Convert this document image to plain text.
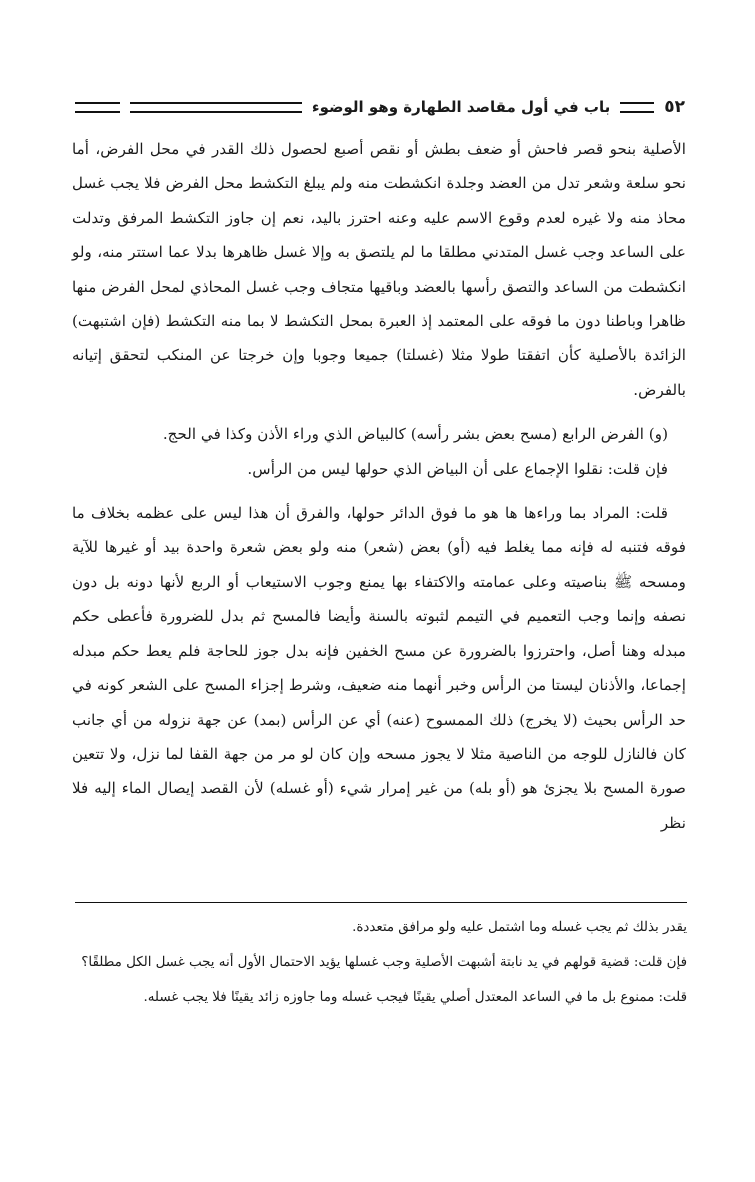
٥٢
باب في أول مقاصد الطهارة وهو الوضوء

الأصلية بنحو قصر فاحش أو ضعف بطش أو نقص أصبع لحصول ذلك القدر في محل الفرض، أما نحو سلعة وشعر تدل من العضد وجلدة انكشطت منه ولم يبلغ التكشط محل الفرض فلا يجب غسل محاذ منه ولا غيره لعدم وقوع الاسم عليه وعنه احترز باليد، نعم إن جاوز التكشط المرفق وتدلت على الساعد وجب غسل المتدني مطلقا ما لم يلتصق به وإلا غسل ظاهرها بدلا عما استتر منه، ولو انكشطت من الساعد والتصق رأسها بالعضد وباقيها متجاف وجب غسل المحاذي لمحل الفرض منها ظاهرا وباطنا دون ما فوقه على المعتمد إذ العبرة بمحل التكشط لا بما منه التكشط (فإن اشتبهت) الزائدة بالأصلية كأن اتفقتا طولا مثلا (غسلتا) جميعا وجوبا وإن خرجتا عن المنكب لتحقق إتيانه بالفرض.

(و) الفرض الرابع (مسح بعض بشر رأسه) كالبياض الذي وراء الأذن وكذا في الحج.

فإن قلت: نقلوا الإجماع على أن البياض الذي حولها ليس من الرأس.

قلت: المراد بما وراءها ها هو ما فوق الدائر حولها، والفرق أن هذا ليس على عظمه بخلاف ما فوقه فتنبه له فإنه مما يغلط فيه (أو) بعض (شعر) منه ولو بعض شعرة واحدة بيد أو غيرها للآية ومسحه ﷺ بناصيته وعلى عمامته والاكتفاء بها يمنع وجوب الاستيعاب أو الربع لأنها دونه بل دون نصفه وإنما وجب التعميم في التيمم لثبوته بالسنة وأيضا فالمسح ثم بدل للضرورة فأعطى حكم مبدله وهنا أصل، واحترزوا بالضرورة عن مسح الخفين فإنه بدل جوز للحاجة فلم يعط حكم مبدله إجماعا، والأذنان ليستا من الرأس وخبر أنهما منه ضعيف، وشرط إجزاء المسح على الشعر كونه في حد الرأس بحيث (لا يخرج) ذلك الممسوح (عنه) أي عن الرأس (بمد) عن جهة نزوله من أي جانب كان فالنازل للوجه من الناصية مثلا لا يجوز مسحه وإن كان لو مر من جهة القفا لما نزل، ولا تتعين صورة المسح بلا يجزئ هو (أو بله) من غير إمرار شيء (أو غسله) لأن القصد إيصال الماء إليه فلا نظر

يقدر بذلك ثم يجب غسله وما اشتمل عليه ولو مرافق متعددة.

فإن قلت: قضية قولهم في يد نابتة أشبهت الأصلية وجب غسلها يؤيد الاحتمال الأول أنه يجب غسل الكل مطلقًا؟

قلت: ممنوع بل ما في الساعد المعتدل أصلي يقينًا فيجب غسله وما جاوزه زائد يقينًا فلا يجب غسله.
